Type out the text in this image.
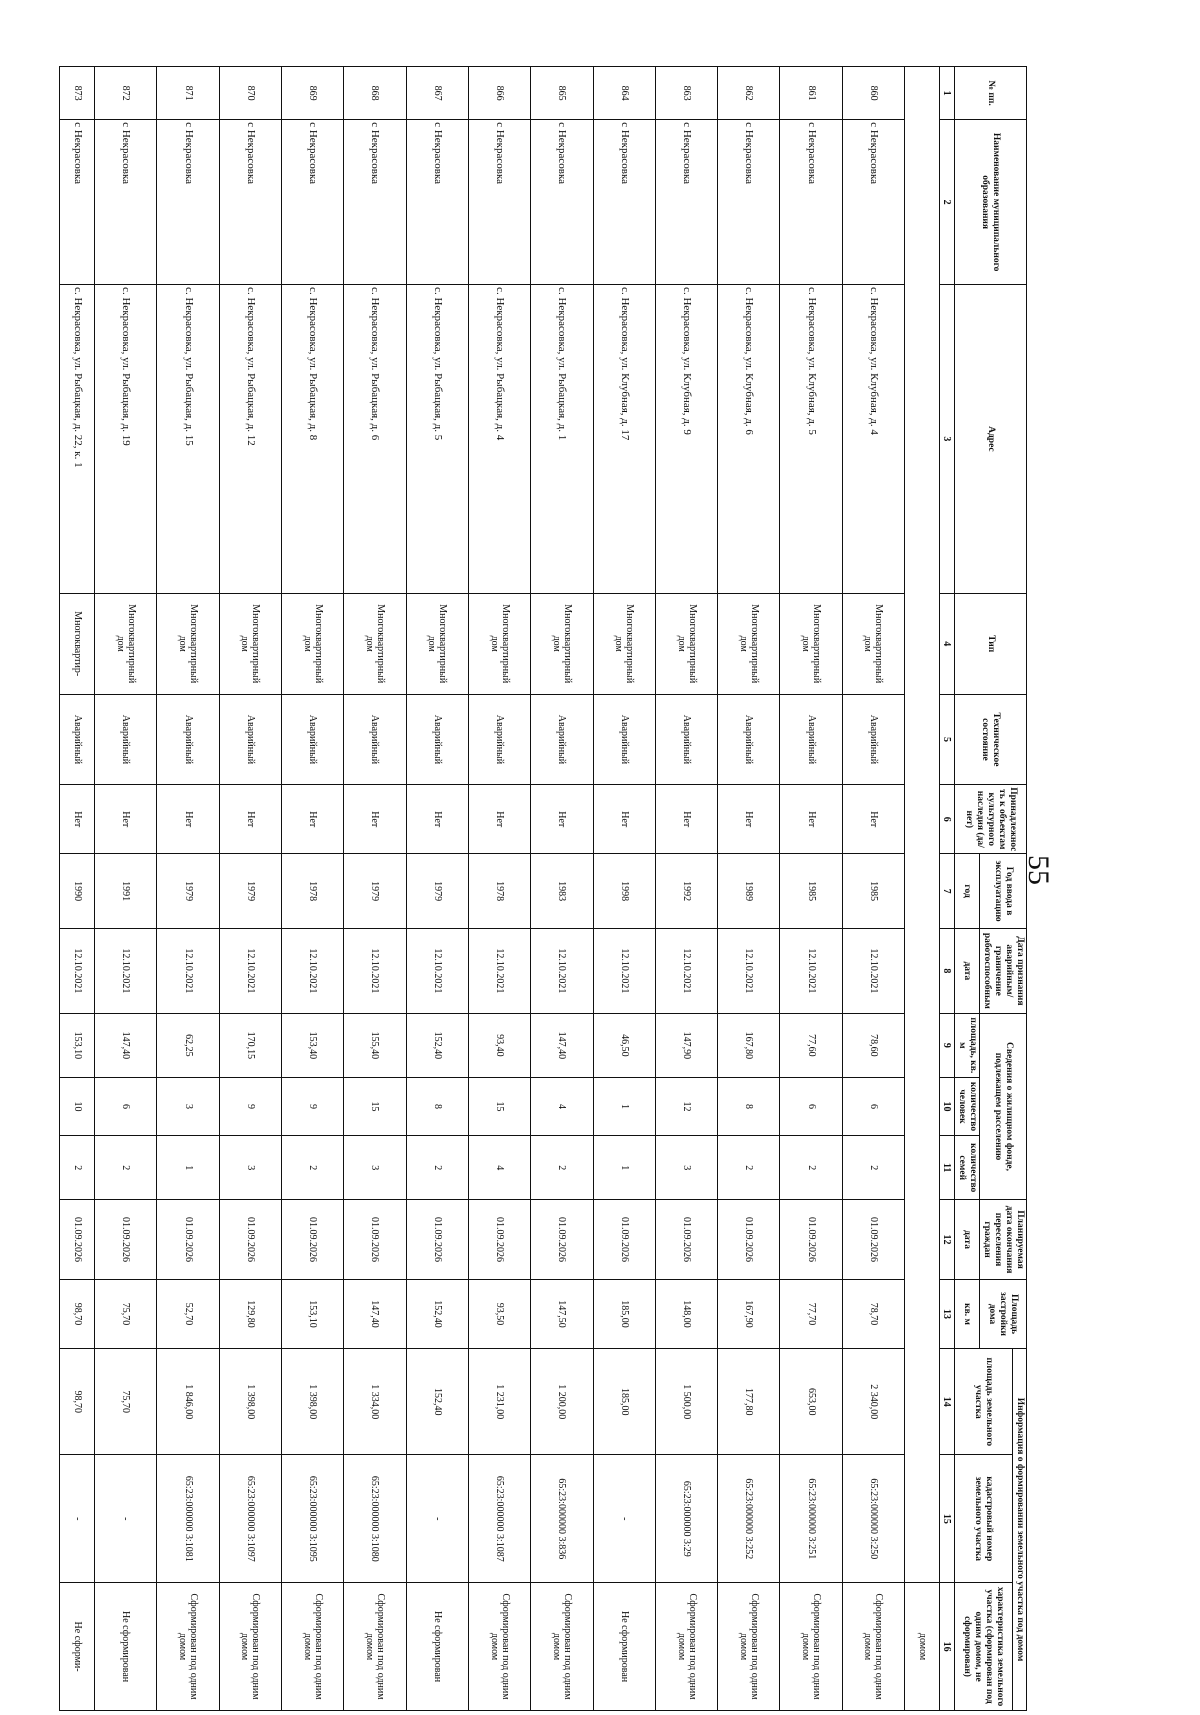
55
№ пп.	Наименование муниципального образования	Адрес	Тип	Техническое состояние	Принадлежность к объектам культурного наследия (да/нет)	Год ввода в эксплуатацию	Дата признания аварийным/граничение работоспособным	Сведения о жилищном фонде, подлежащем расселению			Планируемая дата окончания переселения граждан	Площадь застройки дома	Информация о формировании земельного участка под домом		
													площадь земельного участка	кадастровый номер земельного участка	характеристика земельного участка (сформирован под одним домом, не сформирован)
						год	дата	площадь, кв. м	количество человек	количество семей	дата	кв. м			
1	2	3	4	5	6	7	8	9	10	11	12	13	14	15	16
															домом
860	с Некрасовка	с. Некрасовка, ул. Клубная, д. 4	Многоквартирный дом	Аварийный	Нет	1985	12.10.2021	78,60	6	2	01.09.2026	78,70	2 340,00	65:23:000000 3:250	Сформирован под одним домом
861	с Некрасовка	с. Некрасовка, ул. Клубная, д. 5	Многоквартирный дом	Аварийный	Нет	1985	12.10.2021	77,60	6	2	01.09.2026	77,70	653,00	65:23:000000 3:251	Сформирован под одним домом
862	с Некрасовка	с. Некрасовка, ул. Клубная, д. 6	Многоквартирный дом	Аварийный	Нет	1989	12.10.2021	167,80	8	2	01.09.2026	167,90	177,80	65:23:000000 3:252	Сформирован под одним домом
863	с Некрасовка	с. Некрасовка, ул. Клубная, д. 9	Многоквартирный дом	Аварийный	Нет	1992	12.10.2021	147,90	12	3	01.09.2026	148,00	1 500,00	65:23:000000 3:29	Сформирован под одним домом
864	с Некрасовка	с. Некрасовка, ул. Клубная, д. 17	Многоквартирный дом	Аварийный	Нет	1998	12.10.2021	46,50	1	1	01.09.2026	185,00	185,00	-	Не сформирован
865	с Некрасовка	с. Некрасовка, ул. Рыбацкая, д. 1	Многоквартирный дом	Аварийный	Нет	1983	12.10.2021	147,40	4	2	01.09.2026	147,50	1 200,00	65:23:000000 3:836	Сформирован под одним домом
866	с Некрасовка	с. Некрасовка, ул. Рыбацкая, д. 4	Многоквартирный дом	Аварийный	Нет	1978	12.10.2021	93,40	15	4	01.09.2026	93,50	1 231,00	65:23:000000 3:1087	Сформирован под одним домом
867	с Некрасовка	с. Некрасовка, ул. Рыбацкая, д. 5	Многоквартирный дом	Аварийный	Нет	1979	12.10.2021	152,40	8	2	01.09.2026	152,40	152,40	-	Не сформирован
868	с Некрасовка	с. Некрасовка, ул. Рыбацкая, д. 6	Многоквартирный дом	Аварийный	Нет	1979	12.10.2021	155,40	15	3	01.09.2026	147,40	1 334,00	65:23:000000 3:1080	Сформирован под одним домом
869	с Некрасовка	с. Некрасовка, ул. Рыбацкая, д. 8	Многоквартирный дом	Аварийный	Нет	1978	12.10.2021	153,40	9	2	01.09.2026	153,10	1 398,00	65:23:000000 3:1095	Сформирован под одним домом
870	с Некрасовка	с. Некрасовка, ул. Рыбацкая, д. 12	Многоквартирный дом	Аварийный	Нет	1979	12.10.2021	170,15	9	3	01.09.2026	129,80	1 398,00	65:23:000000 3:1097	Сформирован под одним домом
871	с Некрасовка	с. Некрасовка, ул. Рыбацкая, д. 15	Многоквартирный дом	Аварийный	Нет	1979	12.10.2021	62,25	3	1	01.09.2026	52,70	1 846,00	65:23:000000 3:1081	Сформирован под одним домом
872	с Некрасовка	с. Некрасовка, ул. Рыбацкая, д. 19	Многоквартирный дом	Аварийный	Нет	1991	12.10.2021	147,40	6	2	01.09.2026	75,70	75,70	-	Не сформирован
873	с Некрасовка	с. Некрасовка, ул. Рыбацкая, д. 22, к. 1	Многоквартир-	Аварийный	Нет	1990	12.10.2021	153,10	10	2	01.09.2026	98,70	98,70	-	Не сформи-
